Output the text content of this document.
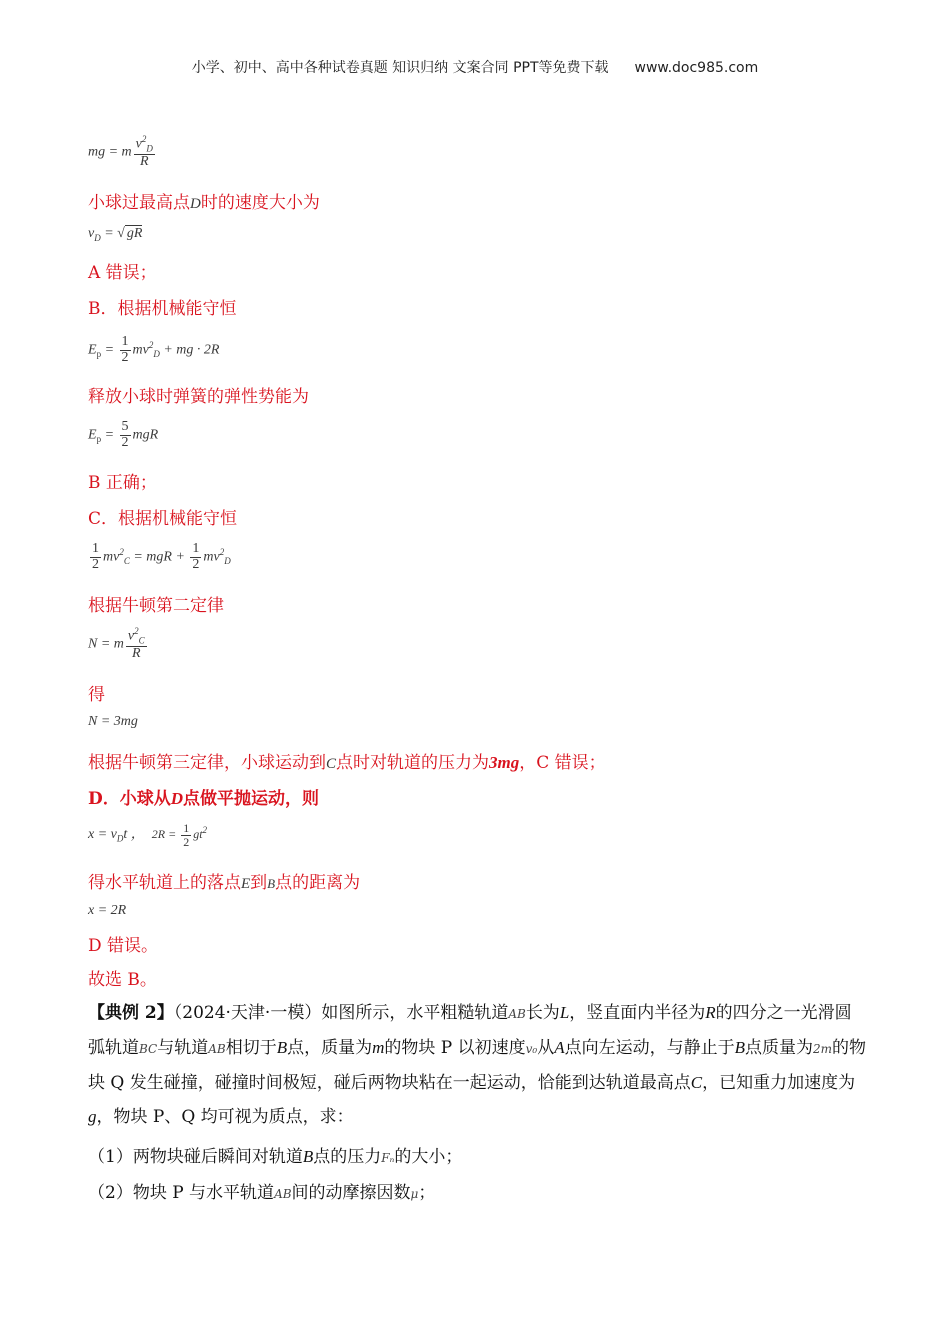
小学、初中、高中各种试卷真题 知识归纳 文案合同 PPT等免费下载 www.doc985.com
mg = m $\frac{v^2_D}{R}$
小球过最高点D时的速度大小为
$v_D$ = √ gR
A 错误；
B．根据机械能守恒
$E_p = \frac{1}{2} mv^2_D$ + mg · 2R
释放小球时弹簧的弹性势能为
$E_p = \frac{5}{2}$ mgR
B 正确；
C．根据机械能守恒
$\frac{1}{2} mv^2_C$ = mgR + $\frac{1}{2} mv^2_D$
根据牛顿第二定律
N = m $\frac{v^2_C}{R}$
得
N = 3mg
根据牛顿第三定律，小球运动到C点时对轨道的压力为3mg，C 错误；
D．小球从D点做平抛运动，则
$x = v_Dt$ ，  $2R = \frac{1}{2} gt^2$
得水平轨道上的落点E到B点的距离为
x = 2R
D 错误。
故选 B。
【典例 2】（2024·天津·一模）如图所示，水平粗糙轨道AB长为L，竖直面内半径为R的四分之一光滑圆弧轨道BC与轨道AB相切于B点，质量为m的物块 P 以初速度v₀从A点向左运动，与静止于B点质量为2m的物块 Q 发生碰撞，碰撞时间极短，碰后两物块粘在一起运动，恰能到达轨道最高点C，已知重力加速度为g，物块 P、Q 均可视为质点，求：
（1）两物块碰后瞬间对轨道B点的压力Fₙ的大小；
（2）物块 P 与水平轨道AB间的动摩擦因数μ；
